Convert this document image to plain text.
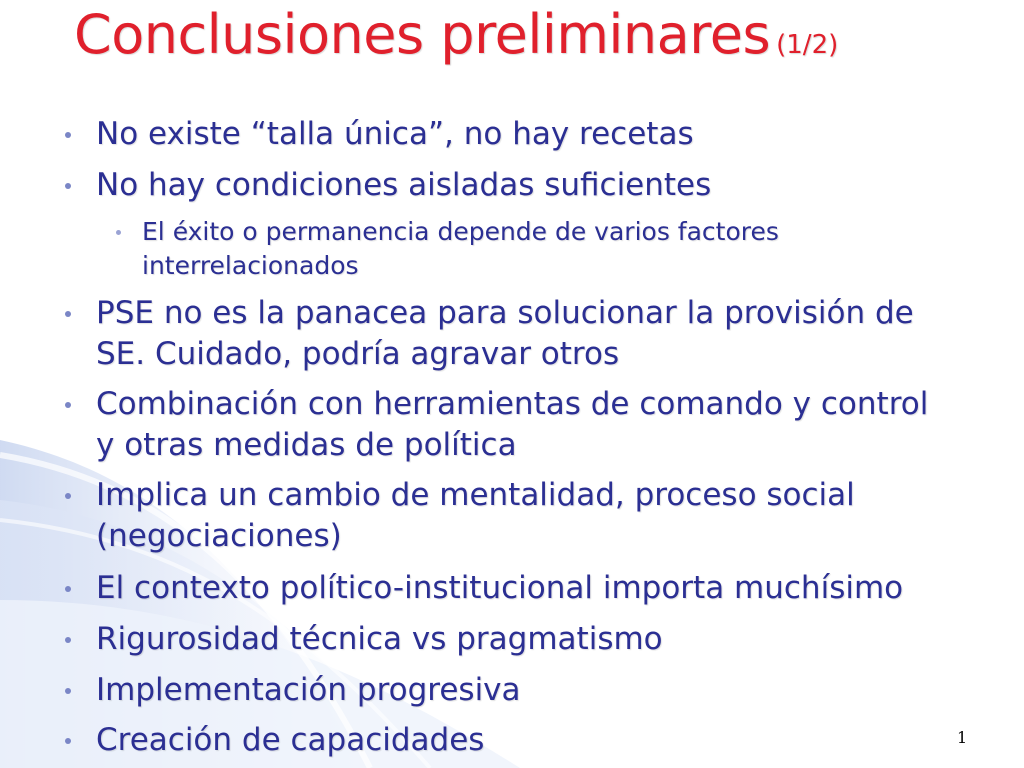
Conclusiones preliminares (1/2)
No existe “talla única”, no hay recetas
No hay condiciones aisladas suficientes
El éxito o permanencia depende de varios factores
interrelacionados
PSE no es la panacea para solucionar la provisión de
SE. Cuidado, podría agravar otros
Combinación con herramientas de comando y control
y otras medidas de política
Implica un cambio de mentalidad, proceso social
(negociaciones)
El contexto político-institucional importa muchísimo
Rigurosidad técnica vs pragmatismo
Implementación progresiva
Creación de capacidades	1
